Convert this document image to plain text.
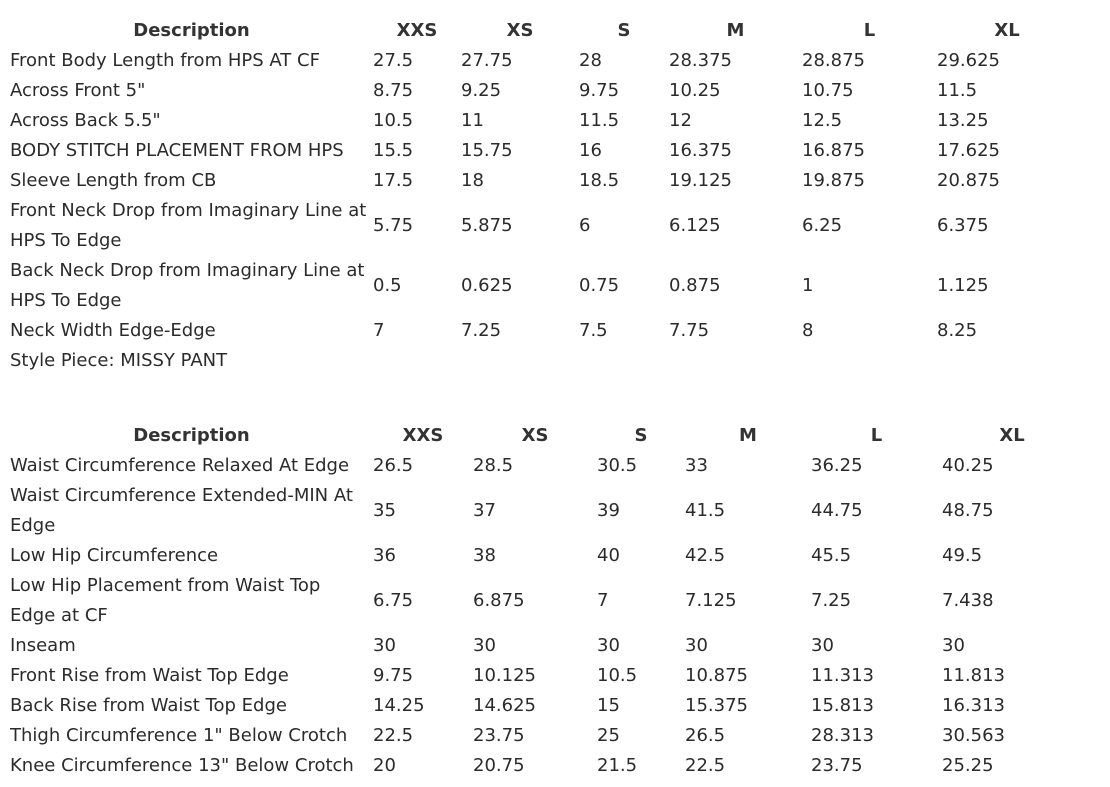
Description	XXS	XS	S	M	L	XL
Front Body Length from HPS AT CF	27.5	27.75	28	28.375	28.875	29.625
Across Front 5"	8.75	9.25	9.75	10.25	10.75	11.5
Across Back 5.5"	10.5	11	11.5	12	12.5	13.25
BODY STITCH PLACEMENT FROM HPS	15.5	15.75	16	16.375	16.875	17.625
Sleeve Length from CB	17.5	18	18.5	19.125	19.875	20.875
Front Neck Drop from Imaginary Line at HPS To Edge	5.75	5.875	6	6.125	6.25	6.375
Back Neck Drop from Imaginary Line at HPS To Edge	0.5	0.625	0.75	0.875	1	1.125
Neck Width Edge-Edge	7	7.25	7.5	7.75	8	8.25
Style Piece: MISSY PANT						
Description	XXS	XS	S	M	L	XL
Waist Circumference Relaxed At Edge	26.5	28.5	30.5	33	36.25	40.25
Waist Circumference Extended-MIN At Edge	35	37	39	41.5	44.75	48.75
Low Hip Circumference	36	38	40	42.5	45.5	49.5
Low Hip Placement from Waist Top Edge at CF	6.75	6.875	7	7.125	7.25	7.438
Inseam	30	30	30	30	30	30
Front Rise from Waist Top Edge	9.75	10.125	10.5	10.875	11.313	11.813
Back Rise from Waist Top Edge	14.25	14.625	15	15.375	15.813	16.313
Thigh Circumference 1" Below Crotch	22.5	23.75	25	26.5	28.313	30.563
Knee Circumference 13" Below Crotch	20	20.75	21.5	22.5	23.75	25.25
